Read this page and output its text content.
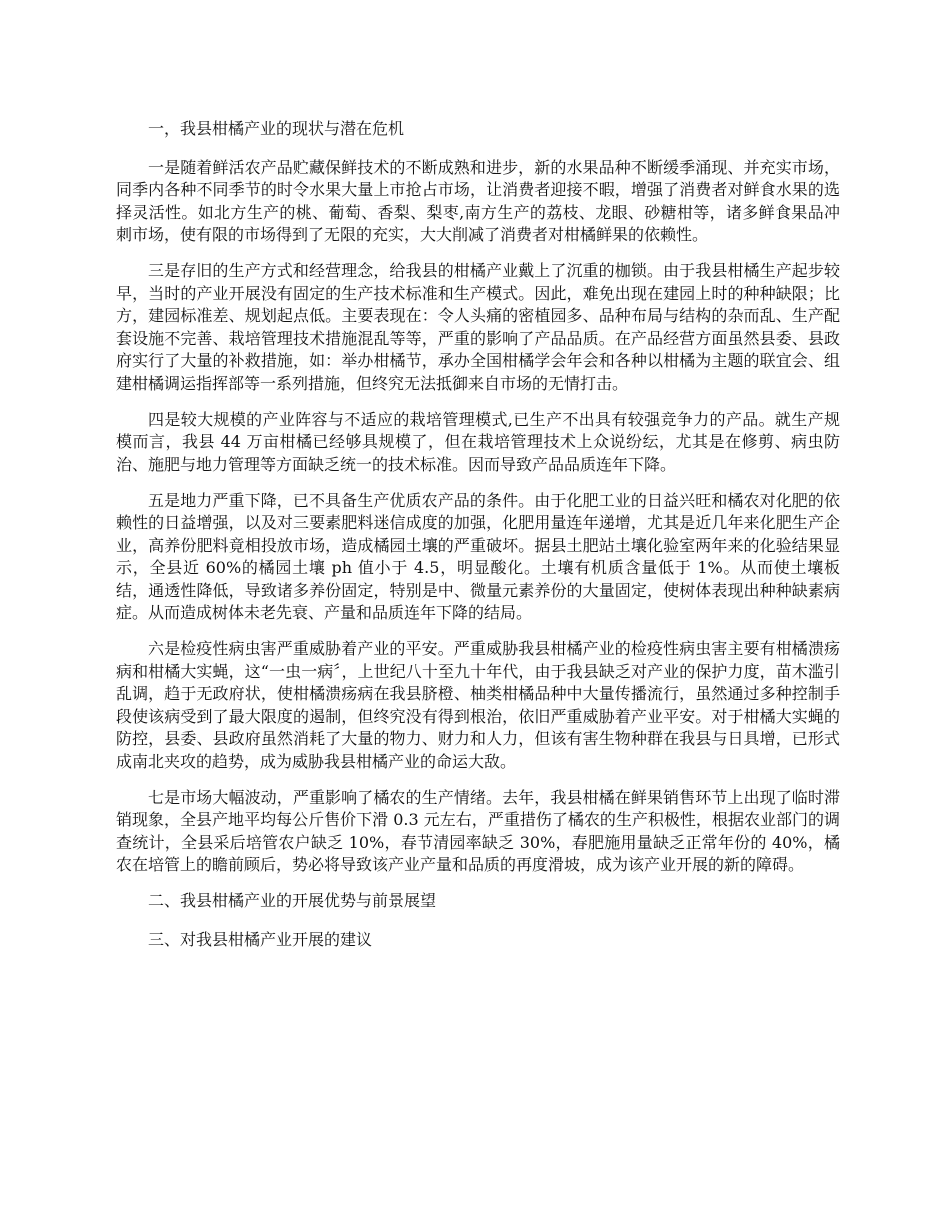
一，我县柑橘产业的现状与潜在危机

一是随着鲜活农产品贮藏保鲜技术的不断成熟和进步，新的水果品种不断缓季涌现、并充实市场，同季内各种不同季节的时令水果大量上市抢占市场，让消费者迎接不暇，增强了消费者对鲜食水果的选择灵活性。如北方生产的桃、葡萄、香梨、梨枣,南方生产的荔枝、龙眼、砂糖柑等，诸多鲜食果品冲刺市场，使有限的市场得到了无限的充实，大大削减了消费者对柑橘鲜果的依赖性。

三是存旧的生产方式和经营理念，给我县的柑橘产业戴上了沉重的枷锁。由于我县柑橘生产起步较早，当时的产业开展没有固定的生产技术标准和生产模式。因此，难免出现在建园上时的种种缺限；比方，建园标准差、规划起点低。主要表现在：令人头痛的密植园多、品种布局与结构的杂而乱、生产配套设施不完善、栽培管理技术措施混乱等等，严重的影响了产品品质。在产品经营方面虽然县委、县政府实行了大量的补救措施，如：举办柑橘节，承办全国柑橘学会年会和各种以柑橘为主题的联宜会、组建柑橘调运指挥部等一系列措施，但终究无法抵御来自市场的无情打击。

四是较大规模的产业阵容与不适应的栽培管理模式,已生产不出具有较强竞争力的产品。就生产规模而言，我县 44 万亩柑橘已经够具规模了，但在栽培管理技术上众说纷纭，尤其是在修剪、病虫防治、施肥与地力管理等方面缺乏统一的技术标准。因而导致产品品质连年下降。

五是地力严重下降，已不具备生产优质农产品的条件。由于化肥工业的日益兴旺和橘农对化肥的依赖性的日益增强，以及对三要素肥料迷信成度的加强，化肥用量连年递增，尤其是近几年来化肥生产企业，高养份肥料竟相投放市场，造成橘园土壤的严重破坏。据县土肥站土壤化验室两年来的化验结果显示，全县近 60%的橘园土壤 ph 值小于 4.5，明显酸化。土壤有机质含量低于 1%。从而使土壤板结，通透性降低，导致诸多养份固定，特别是中、微量元素养份的大量固定，使树体表现出种种缺素病症。从而造成树体未老先衰、产量和品质连年下降的结局。

六是检疫性病虫害严重威胁着产业的平安。严重威胁我县柑橘产业的检疫性病虫害主要有柑橘溃疡病和柑橘大实蝇，这“一虫一病〞，上世纪八十至九十年代，由于我县缺乏对产业的保护力度，苗木滥引乱调，趋于无政府状，使柑橘溃疡病在我县脐橙、柚类柑橘品种中大量传播流行，虽然通过多种控制手段使该病受到了最大限度的遏制，但终究没有得到根治，依旧严重威胁着产业平安。对于柑橘大实蝇的防控，县委、县政府虽然消耗了大量的物力、财力和人力，但该有害生物种群在我县与日具增，已形式成南北夹攻的趋势，成为威胁我县柑橘产业的命运大敌。

七是市场大幅波动，严重影响了橘农的生产情绪。去年，我县柑橘在鲜果销售环节上出现了临时滞销现象，全县产地平均每公斤售价下滑 0.3 元左右，严重措伤了橘农的生产积极性，根据农业部门的调查统计，全县采后培管农户缺乏 10%，春节清园率缺乏 30%，春肥施用量缺乏正常年份的 40%，橘农在培管上的瞻前顾后，势必将导致该产业产量和品质的再度滑坡，成为该产业开展的新的障碍。

二、我县柑橘产业的开展优势与前景展望

三、对我县柑橘产业开展的建议
